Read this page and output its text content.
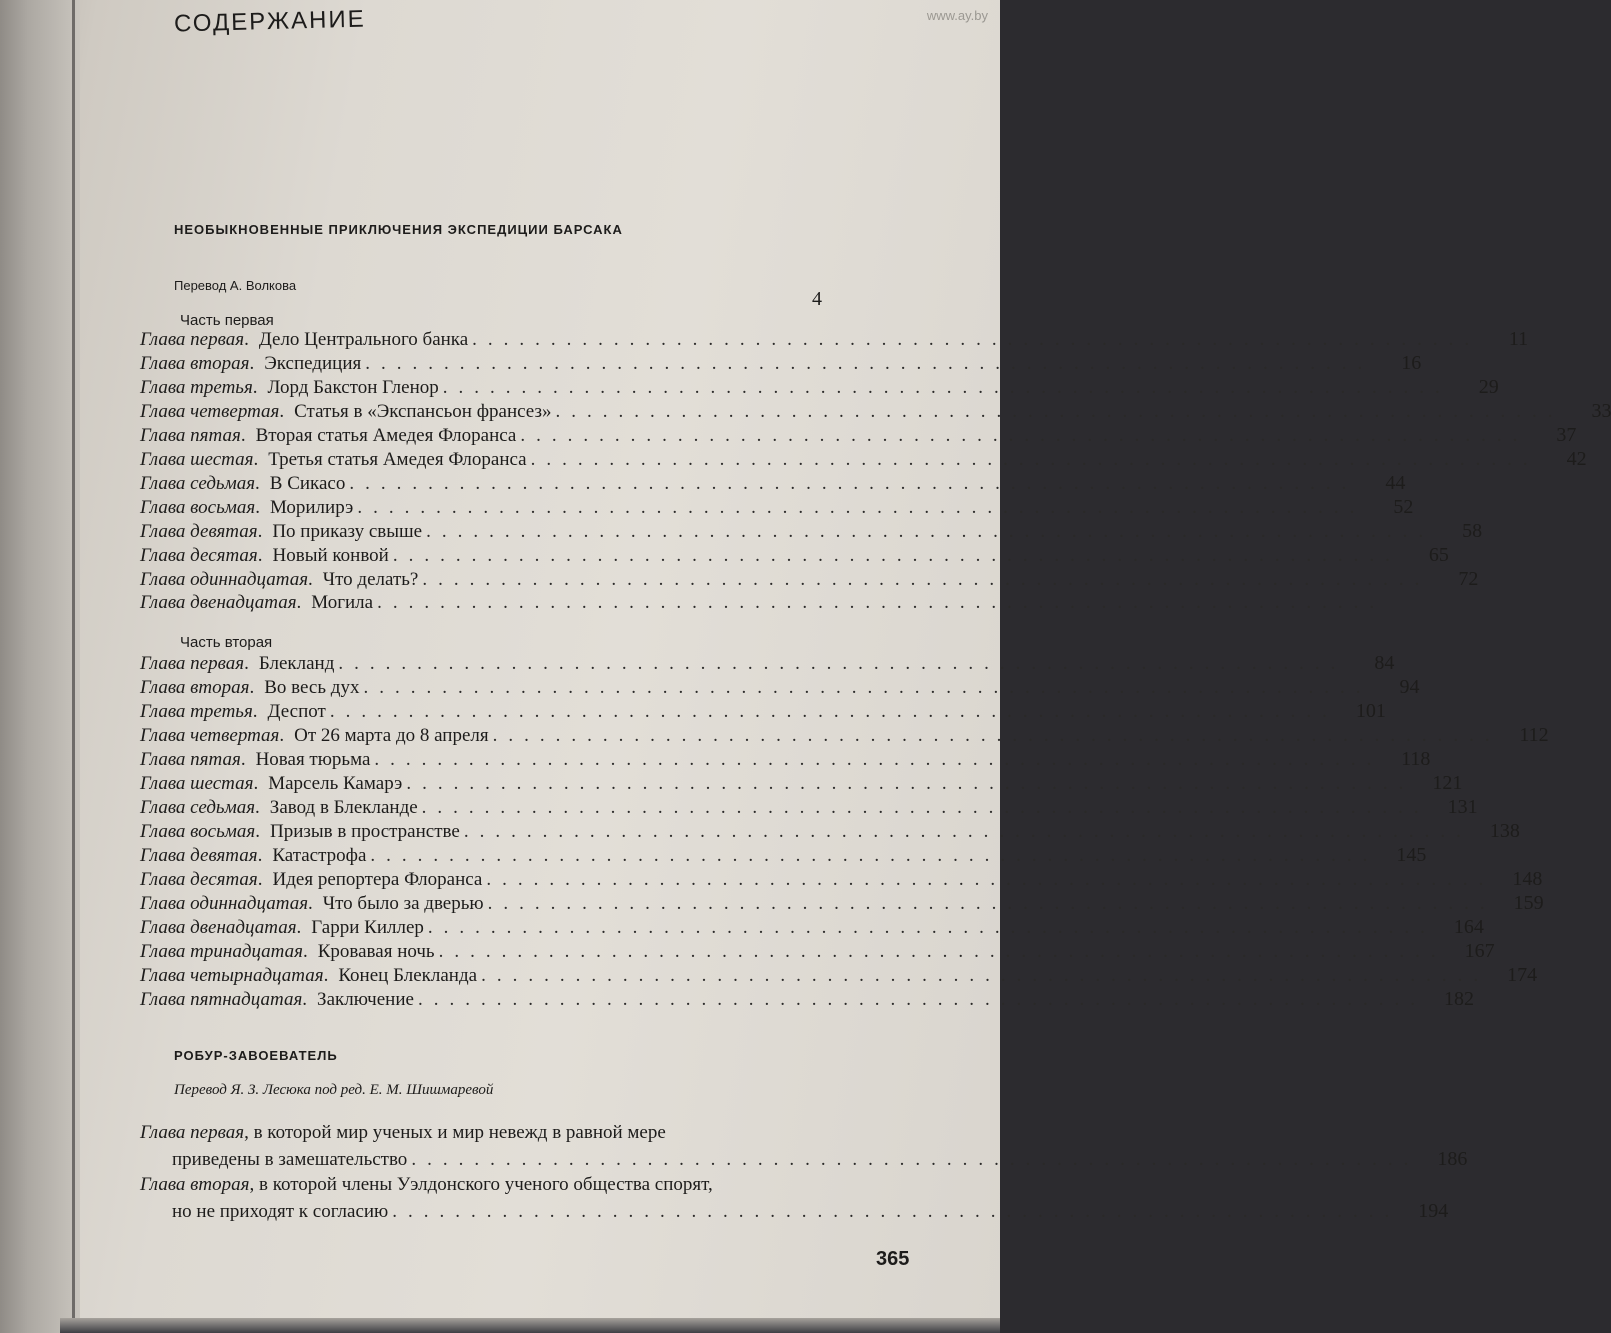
www.ay.by
СОДЕРЖАНИЕ
НЕОБЫКНОВЕННЫЕ ПРИКЛЮЧЕНИЯ ЭКСПЕДИЦИИ БАРСАКА
Перевод А. Волкова
4
Часть первая
Глава первая . Дело Центрального банка ................................................................	11
Глава вторая . Экспедиция ................................................................	16
Глава третья . Лорд Бакстон Гленор ................................................................	29
Глава четвертая . Статья в «Экспансьон франсез» ................................................................	33
Глава пятая . Вторая статья Амедея Флоранса ................................................................	37
Глава шестая . Третья статья Амедея Флоранса ................................................................	42
Глава седьмая . В Сикасо ................................................................	44
Глава восьмая . Морилирэ ................................................................	52
Глава девятая . По приказу свыше ................................................................	58
Глава десятая . Новый конвой ................................................................	65
Глава одиннадцатая . Что делать? ................................................................	72
Глава двенадцатая . Могила ................................................................
Часть вторая
Глава первая . Блекланд ................................................................	84
Глава вторая . Во весь дух ................................................................	94
Глава третья . Деспот ................................................................ 101
Глава четвертая . От 26 марта до 8 апреля ................................................................ 112
Глава пятая . Новая тюрьма ................................................................ 118
Глава шестая . Марсель Камарэ ................................................................ 121
Глава седьмая . Завод в Блекланде ................................................................ 131
Глава восьмая . Призыв в пространстве ................................................................ 138
Глава девятая . Катастрофа ................................................................ 145
Глава десятая . Идея репортера Флоранса ................................................................ 148
Глава одиннадцатая . Что было за дверью ................................................................ 159
Глава двенадцатая . Гарри Киллер ................................................................ 164
Глава тринадцатая . Кровавая ночь ................................................................ 167
Глава четырнадцатая . Конец Блекланда ................................................................ 174
Глава пятнадцатая . Заключение ................................................................ 182
РОБУР-ЗАВОЕВАТЕЛЬ
Перевод Я. З. Лесюка под ред. Е. М. Шишмаревой
Глава первая, в которой мир ученых и мир невежд в равной мере
приведены в замешательство ................................................................ 186
Глава вторая, в которой члены Уэлдонского ученого общества спорят,
но не приходят к согласию ................................................................ 194
365
